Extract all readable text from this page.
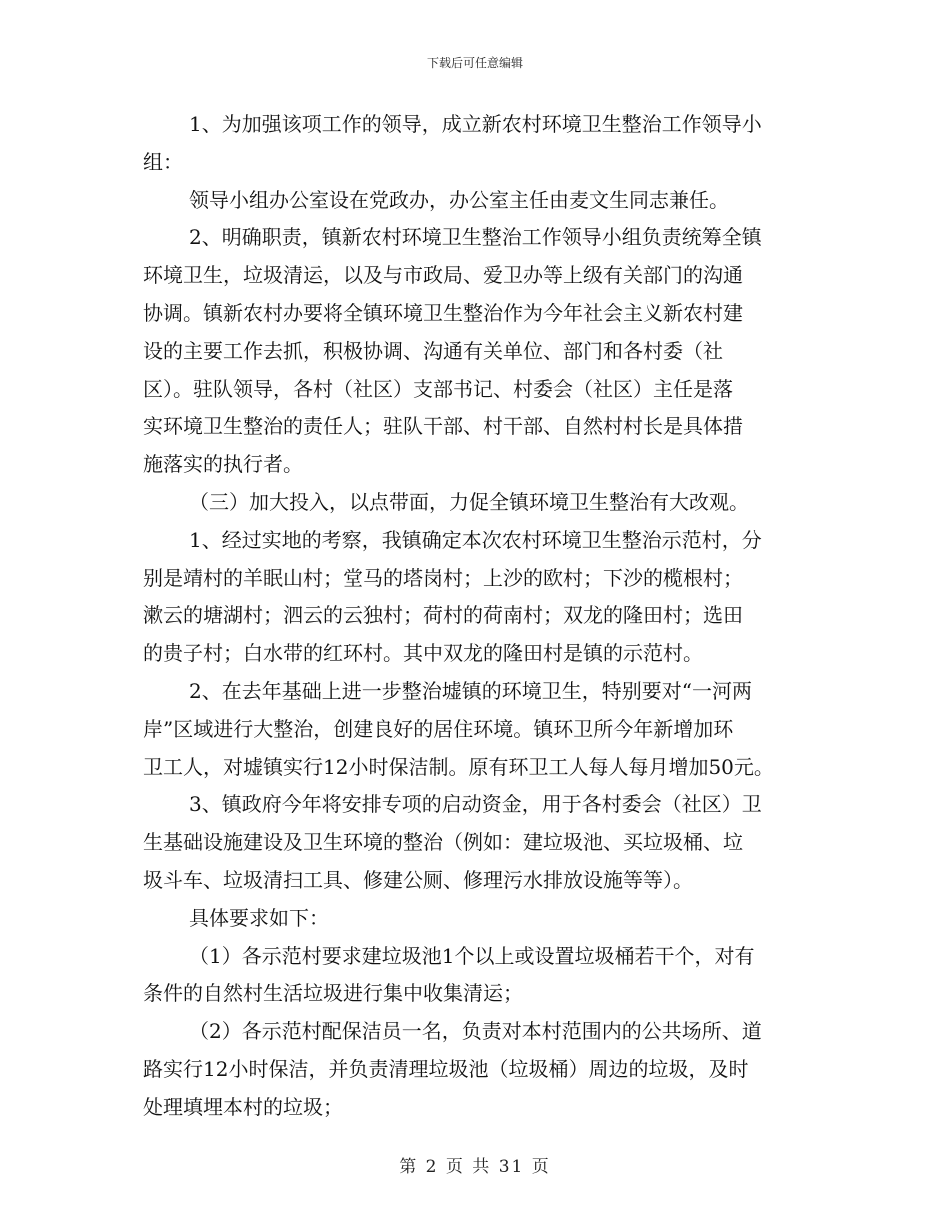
下载后可任意编辑
1、为加强该项工作的领导，成立新农村环境卫生整治工作领导小
组：
领导小组办公室设在党政办，办公室主任由麦文生同志兼任。
2、明确职责，镇新农村环境卫生整治工作领导小组负责统筹全镇
环境卫生，垃圾清运，以及与市政局、爱卫办等上级有关部门的沟通
协调。镇新农村办要将全镇环境卫生整治作为今年社会主义新农村建
设的主要工作去抓，积极协调、沟通有关单位、部门和各村委（社
区）。驻队领导，各村（社区）支部书记、村委会（社区）主任是落
实环境卫生整治的责任人；驻队干部、村干部、自然村村长是具体措
施落实的执行者。
（三）加大投入，以点带面，力促全镇环境卫生整治有大改观。
1、经过实地的考察，我镇确定本次农村环境卫生整治示范村，分
别是靖村的羊眠山村；堂马的塔岗村；上沙的欧村；下沙的榄根村；
漱云的塘湖村；泗云的云独村；荷村的荷南村；双龙的隆田村；选田
的贵子村；白水带的红环村。其中双龙的隆田村是镇的示范村。
2、在去年基础上进一步整治墟镇的环境卫生，特别要对“一河两
岸”区域进行大整治，创建良好的居住环境。镇环卫所今年新增加环
卫工人，对墟镇实行12小时保洁制。原有环卫工人每人每月增加50元。
3、镇政府今年将安排专项的启动资金，用于各村委会（社区）卫
生基础设施建设及卫生环境的整治（例如：建垃圾池、买垃圾桶、垃
圾斗车、垃圾清扫工具、修建公厕、修理污水排放设施等等）。
具体要求如下：
（1）各示范村要求建垃圾池1个以上或设置垃圾桶若干个，对有
条件的自然村生活垃圾进行集中收集清运；
（2）各示范村配保洁员一名，负责对本村范围内的公共场所、道
路实行12小时保洁，并负责清理垃圾池（垃圾桶）周边的垃圾，及时
处理填埋本村的垃圾；
第 2 页 共 31 页
